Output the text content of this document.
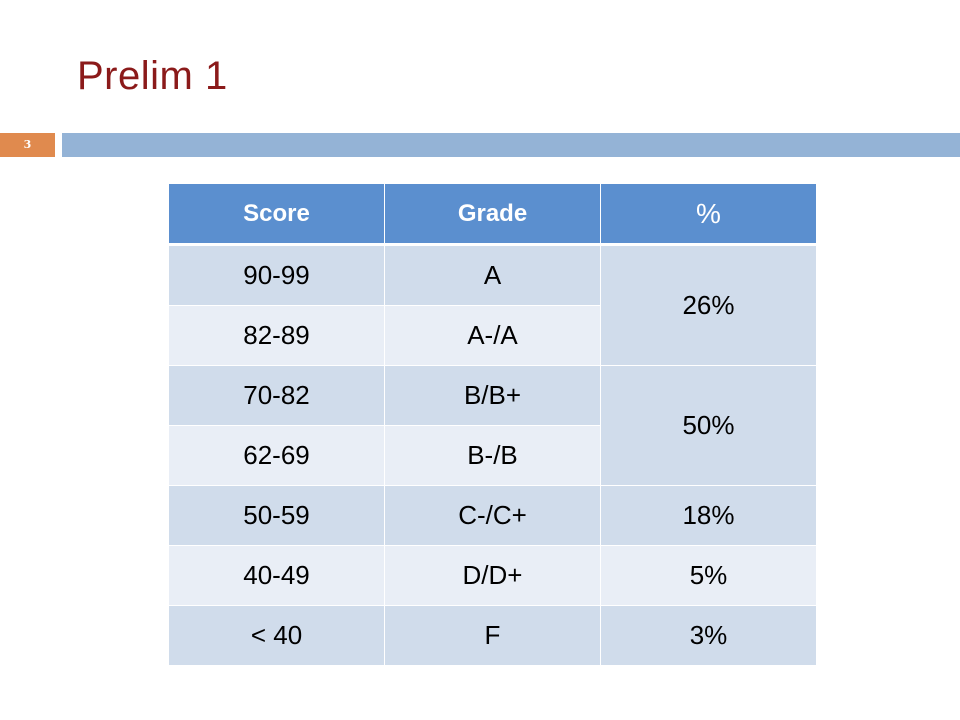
Prelim 1
3
Score	Grade	%
90-99	A	26%
82-89	A-/A	
70-82	B/B+	50%
62-69	B-/B	
50-59	C-/C+	18%
40-49	D/D+	5%
< 40	F	3%
